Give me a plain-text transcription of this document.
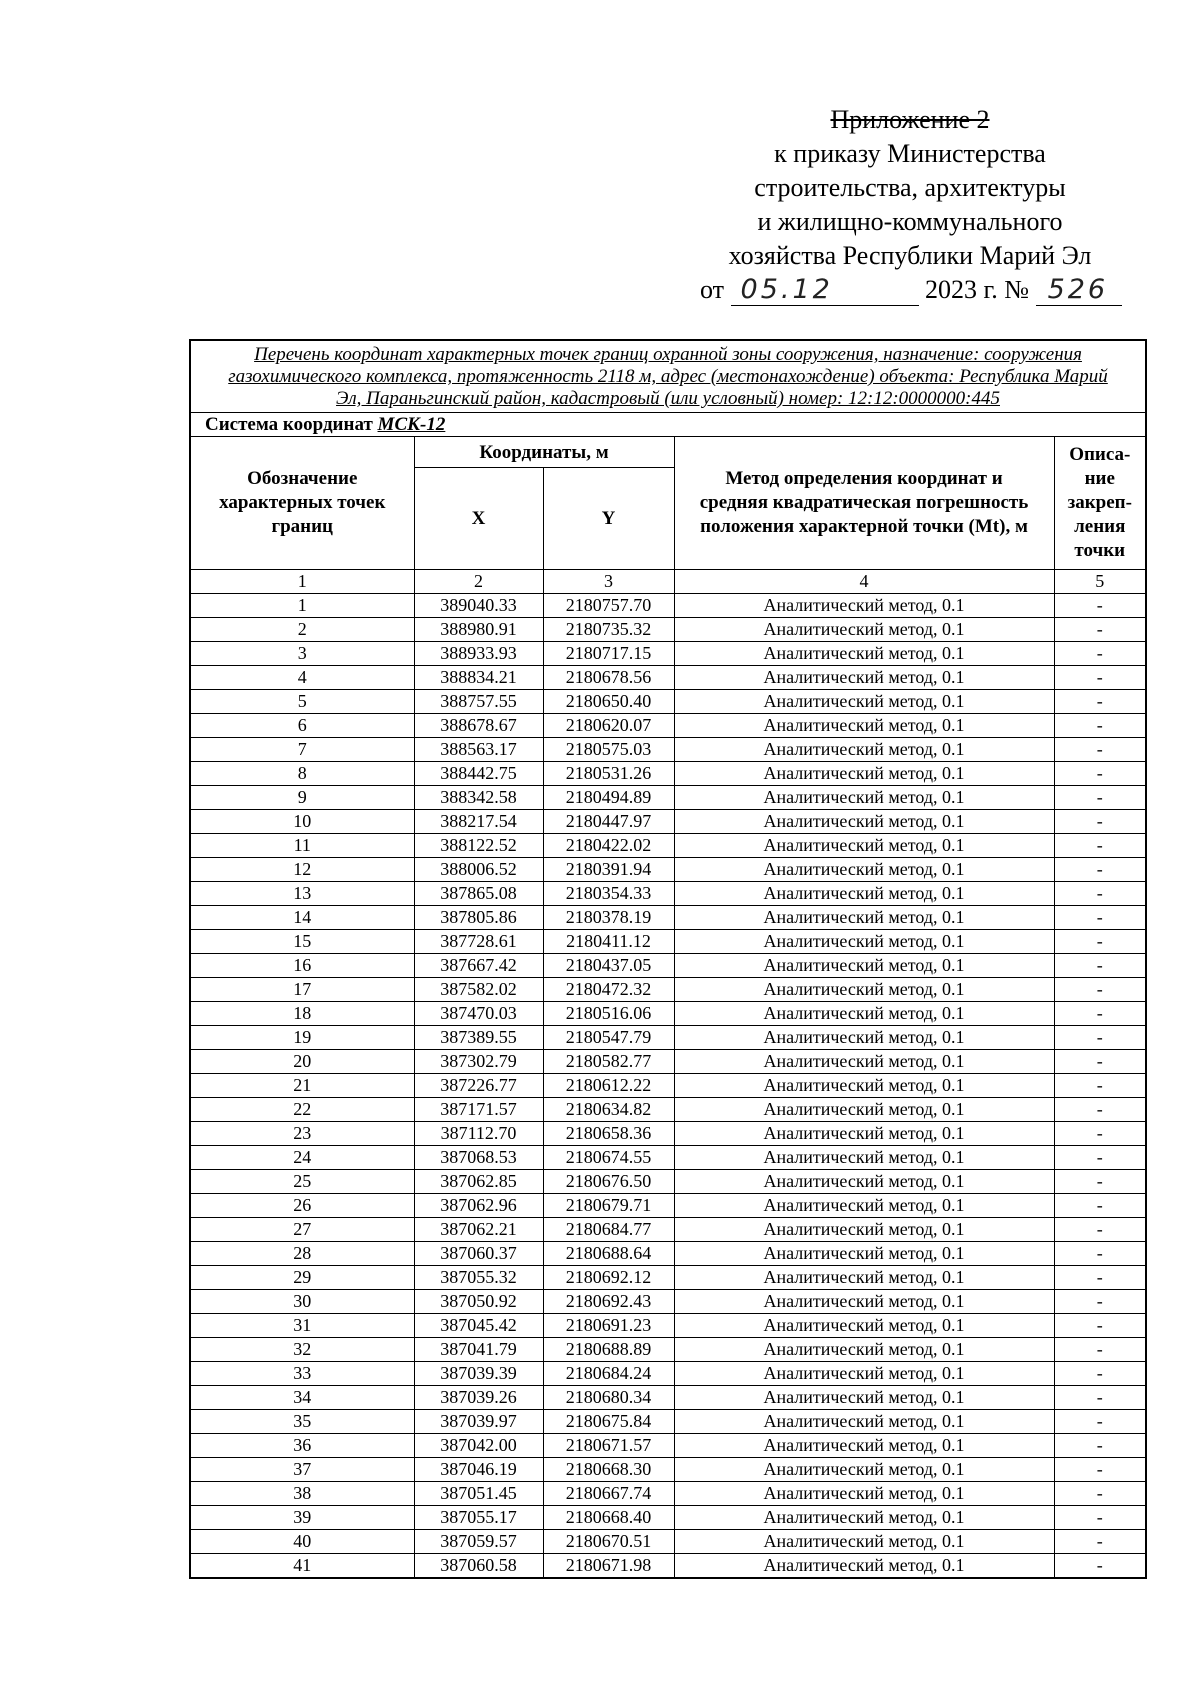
Приложение 2
к приказу Министерства
строительства, архитектуры
и жилищно-коммунального
хозяйства Республики Марий Эл
от 05.12	2023 г. № 526
Перечень координат характерных точек границ охранной зоны сооружения, назначение: сооружения газохимического комплекса, протяженность 2118 м, адрес (местонахождение) объекта: Республика Марий Эл, Параньгинский район, кадастровый (или условный) номер: 12:12:0000000:445				
Система координат МСК-12				
Обозначение характерных точек границ	Координаты, м		Метод определения координат и средняя квадратическая погрешность положения характерной точки (Mt), м	Описа-ние закреп-ления точки
	X	Y		
1	2	3	4	5
1	389040.33	2180757.70	Аналитический метод, 0.1	-
2	388980.91	2180735.32	Аналитический метод, 0.1	-
3	388933.93	2180717.15	Аналитический метод, 0.1	-
4	388834.21	2180678.56	Аналитический метод, 0.1	-
5	388757.55	2180650.40	Аналитический метод, 0.1	-
6	388678.67	2180620.07	Аналитический метод, 0.1	-
7	388563.17	2180575.03	Аналитический метод, 0.1	-
8	388442.75	2180531.26	Аналитический метод, 0.1	-
9	388342.58	2180494.89	Аналитический метод, 0.1	-
10	388217.54	2180447.97	Аналитический метод, 0.1	-
11	388122.52	2180422.02	Аналитический метод, 0.1	-
12	388006.52	2180391.94	Аналитический метод, 0.1	-
13	387865.08	2180354.33	Аналитический метод, 0.1	-
14	387805.86	2180378.19	Аналитический метод, 0.1	-
15	387728.61	2180411.12	Аналитический метод, 0.1	-
16	387667.42	2180437.05	Аналитический метод, 0.1	-
17	387582.02	2180472.32	Аналитический метод, 0.1	-
18	387470.03	2180516.06	Аналитический метод, 0.1	-
19	387389.55	2180547.79	Аналитический метод, 0.1	-
20	387302.79	2180582.77	Аналитический метод, 0.1	-
21	387226.77	2180612.22	Аналитический метод, 0.1	-
22	387171.57	2180634.82	Аналитический метод, 0.1	-
23	387112.70	2180658.36	Аналитический метод, 0.1	-
24	387068.53	2180674.55	Аналитический метод, 0.1	-
25	387062.85	2180676.50	Аналитический метод, 0.1	-
26	387062.96	2180679.71	Аналитический метод, 0.1	-
27	387062.21	2180684.77	Аналитический метод, 0.1	-
28	387060.37	2180688.64	Аналитический метод, 0.1	-
29	387055.32	2180692.12	Аналитический метод, 0.1	-
30	387050.92	2180692.43	Аналитический метод, 0.1	-
31	387045.42	2180691.23	Аналитический метод, 0.1	-
32	387041.79	2180688.89	Аналитический метод, 0.1	-
33	387039.39	2180684.24	Аналитический метод, 0.1	-
34	387039.26	2180680.34	Аналитический метод, 0.1	-
35	387039.97	2180675.84	Аналитический метод, 0.1	-
36	387042.00	2180671.57	Аналитический метод, 0.1	-
37	387046.19	2180668.30	Аналитический метод, 0.1	-
38	387051.45	2180667.74	Аналитический метод, 0.1	-
39	387055.17	2180668.40	Аналитический метод, 0.1	-
40	387059.57	2180670.51	Аналитический метод, 0.1	-
41	387060.58	2180671.98	Аналитический метод, 0.1	-
